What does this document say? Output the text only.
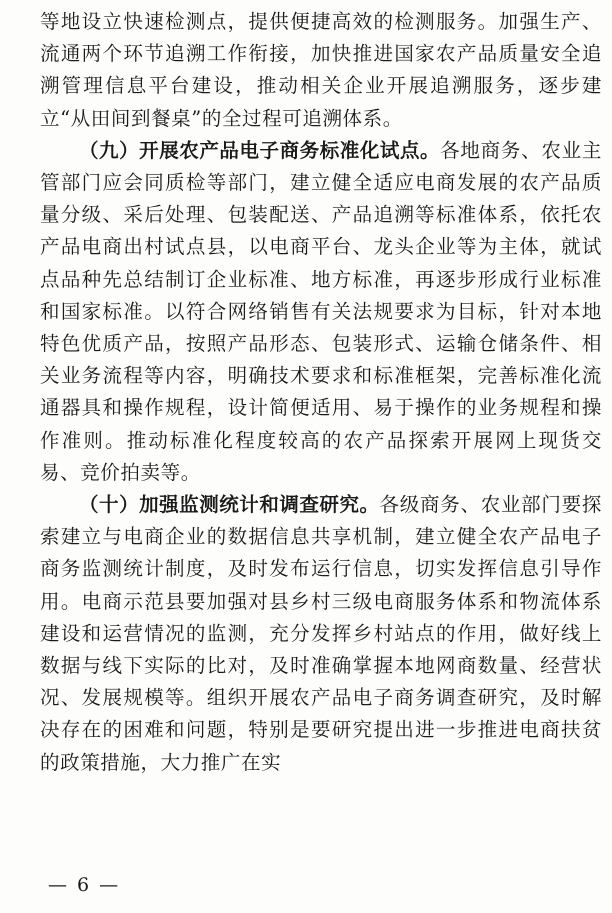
等地设立快速检测点，提供便捷高效的检测服务。加强生产、流通两个环节追溯工作衔接，加快推进国家农产品质量安全追溯管理信息平台建设，推动相关企业开展追溯服务，逐步建立“从田间到餐桌”的全过程可追溯体系。

（九）开展农产品电子商务标准化试点。各地商务、农业主管部门应会同质检等部门，建立健全适应电商发展的农产品质量分级、采后处理、包装配送、产品追溯等标准体系，依托农产品电商出村试点县，以电商平台、龙头企业等为主体，就试点品种先总结制订企业标准、地方标准，再逐步形成行业标准和国家标准。以符合网络销售有关法规要求为目标，针对本地特色优质产品，按照产品形态、包装形式、运输仓储条件、相关业务流程等内容，明确技术要求和标准框架，完善标准化流通器具和操作规程，设计简便适用、易于操作的业务规程和操作准则。推动标准化程度较高的农产品探索开展网上现货交易、竞价拍卖等。

（十）加强监测统计和调查研究。各级商务、农业部门要探索建立与电商企业的数据信息共享机制，建立健全农产品电子商务监测统计制度，及时发布运行信息，切实发挥信息引导作用。电商示范县要加强对县乡村三级电商服务体系和物流体系建设和运营情况的监测，充分发挥乡村站点的作用，做好线上数据与线下实际的比对，及时准确掌握本地网商数量、经营状况、发展规模等。组织开展农产品电子商务调查研究，及时解决存在的困难和问题，特别是要研究提出进一步推进电商扶贫的政策措施，大力推广在实

— 6 —
